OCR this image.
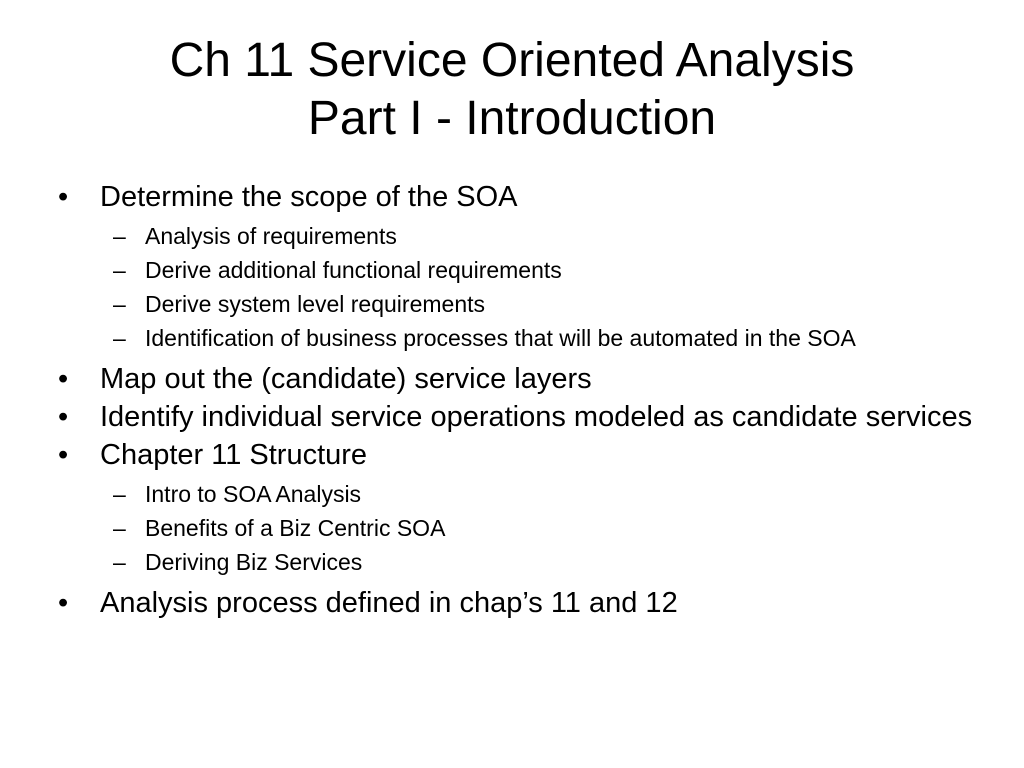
Ch 11 Service Oriented Analysis
Part I - Introduction
• Determine the scope of the SOA
– Analysis of requirements
– Derive additional functional requirements
– Derive system level requirements
– Identification of business processes that will be automated in the SOA
• Map out the (candidate) service layers
• Identify individual service operations modeled as candidate services
• Chapter 11 Structure
– Intro to SOA Analysis
– Benefits of a Biz Centric SOA
– Deriving Biz Services
• Analysis process defined in chap’s 11 and 12
